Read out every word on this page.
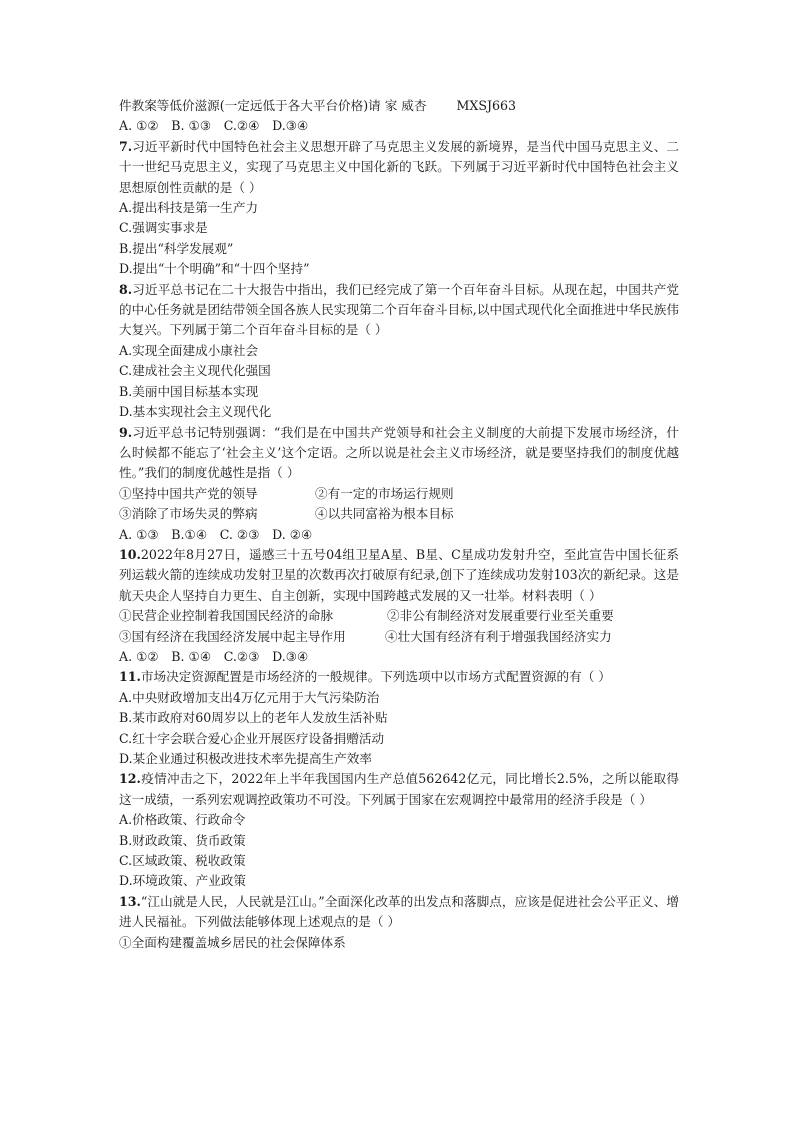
件教案等低价滋源(一定远低于各大平台价格)请 家 威杏 MXSJ663
A. ①②　B. ①③　C.②④　D.③④
7.习近平新时代中国特色社会主义思想开辟了马克思主义发展的新境界，是当代中国马克思主义、二十一世纪马克思主义，实现了马克思主义中国化新的飞跃。下列属于习近平新时代中国特色社会主义思想原创性贡献的是（ ）
A.提出科技是第一生产力
C.强调实事求是
B.提出“科学发展观”
D.提出“十个明确”和“十四个坚持”
8.习近平总书记在二十大报告中指出，我们已经完成了第一个百年奋斗目标。从现在起，中国共产党的中心任务就是团结带领全国各族人民实现第二个百年奋斗目标,以中国式现代化全面推进中华民族伟大复兴。下列属于第二个百年奋斗目标的是（ ）
A.实现全面建成小康社会
C.建成社会主义现代化强国
B.美丽中国目标基本实现
D.基本实现社会主义现代化
9.习近平总书记特别强调：“我们是在中国共产党领导和社会主义制度的大前提下发展市场经济，什么时候都不能忘了‘社会主义’这个定语。之所以说是社会主义市场经济，就是要坚持我们的制度优越性。”我们的制度优越性是指（ ）
①坚持中国共产党的领导	②有一定的市场运行规则
③消除了市场失灵的弊病	④以共同富裕为根本目标
A. ①③　B.①④　C. ②③　D. ②④
10.2022年8月27日，遥感三十五号04组卫星A星、B星、C星成功发射升空，至此宣告中国长征系列运载火箭的连续成功发射卫星的次数再次打破原有纪录,创下了连续成功发射103次的新纪录。这是航天央企人坚持自力更生、自主创新，实现中国跨越式发展的又一壮举。材料表明（ ）
①民营企业控制着我国国民经济的命脉	②非公有制经济对发展重要行业至关重要
③国有经济在我国经济发展中起主导作用	④壮大国有经济有利于增强我国经济实力
A. ①②　B. ①④　C.②③　D.③④
11.市场决定资源配置是市场经济的一般规律。下列选项中以市场方式配置资源的有（ ）
A.中央财政增加支出4万亿元用于大气污染防治
B.某市政府对60周岁以上的老年人发放生活补贴
C.红十字会联合爱心企业开展医疗设备捐赠活动
D.某企业通过积极改进技术率先提高生产效率
12.疫情冲击之下，2022年上半年我国国内生产总值562642亿元，同比增长2.5%，之所以能取得这一成绩，一系列宏观调控政策功不可没。下列属于国家在宏观调控中最常用的经济手段是（ ）
A.价格政策、行政命令
B.财政政策、货币政策
C.区域政策、税收政策
D.环境政策、产业政策
13.“江山就是人民，人民就是江山。”全面深化改革的出发点和落脚点，应该是促进社会公平正义、增进人民福祉。下列做法能够体现上述观点的是（ ）
①全面构建覆盖城乡居民的社会保障体系
